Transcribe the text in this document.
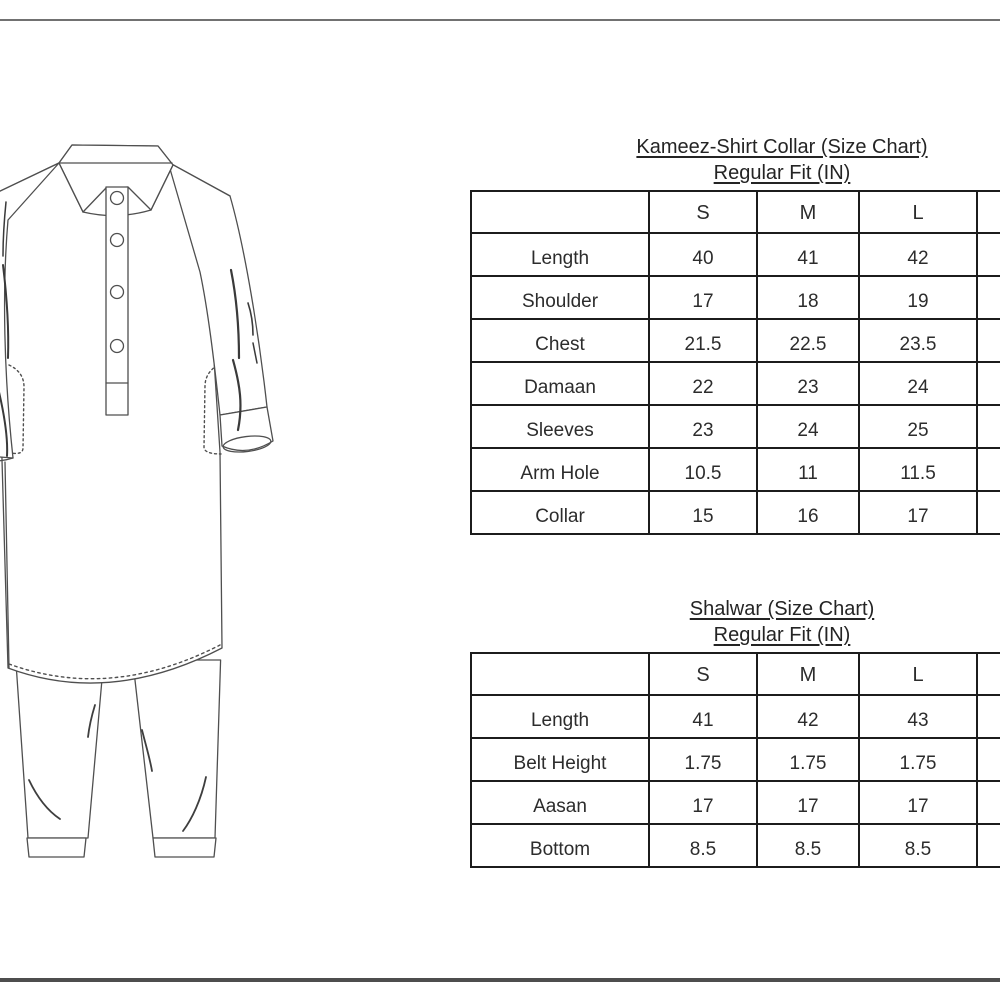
Kameez-Shirt Collar (Size Chart)
Regular Fit (IN)
	S	M	L	
Length	40	41	42	
Shoulder	17	18	19	
Chest	21.5	22.5	23.5	
Damaan	22	23	24	
Sleeves	23	24	25	
Arm Hole	10.5	11	11.5	
Collar	15	16	17	
Shalwar (Size Chart)
Regular Fit (IN)
	S	M	L	
Length	41	42	43	
Belt Height	1.75	1.75	1.75	
Aasan	17	17	17	
Bottom	8.5	8.5	8.5	
